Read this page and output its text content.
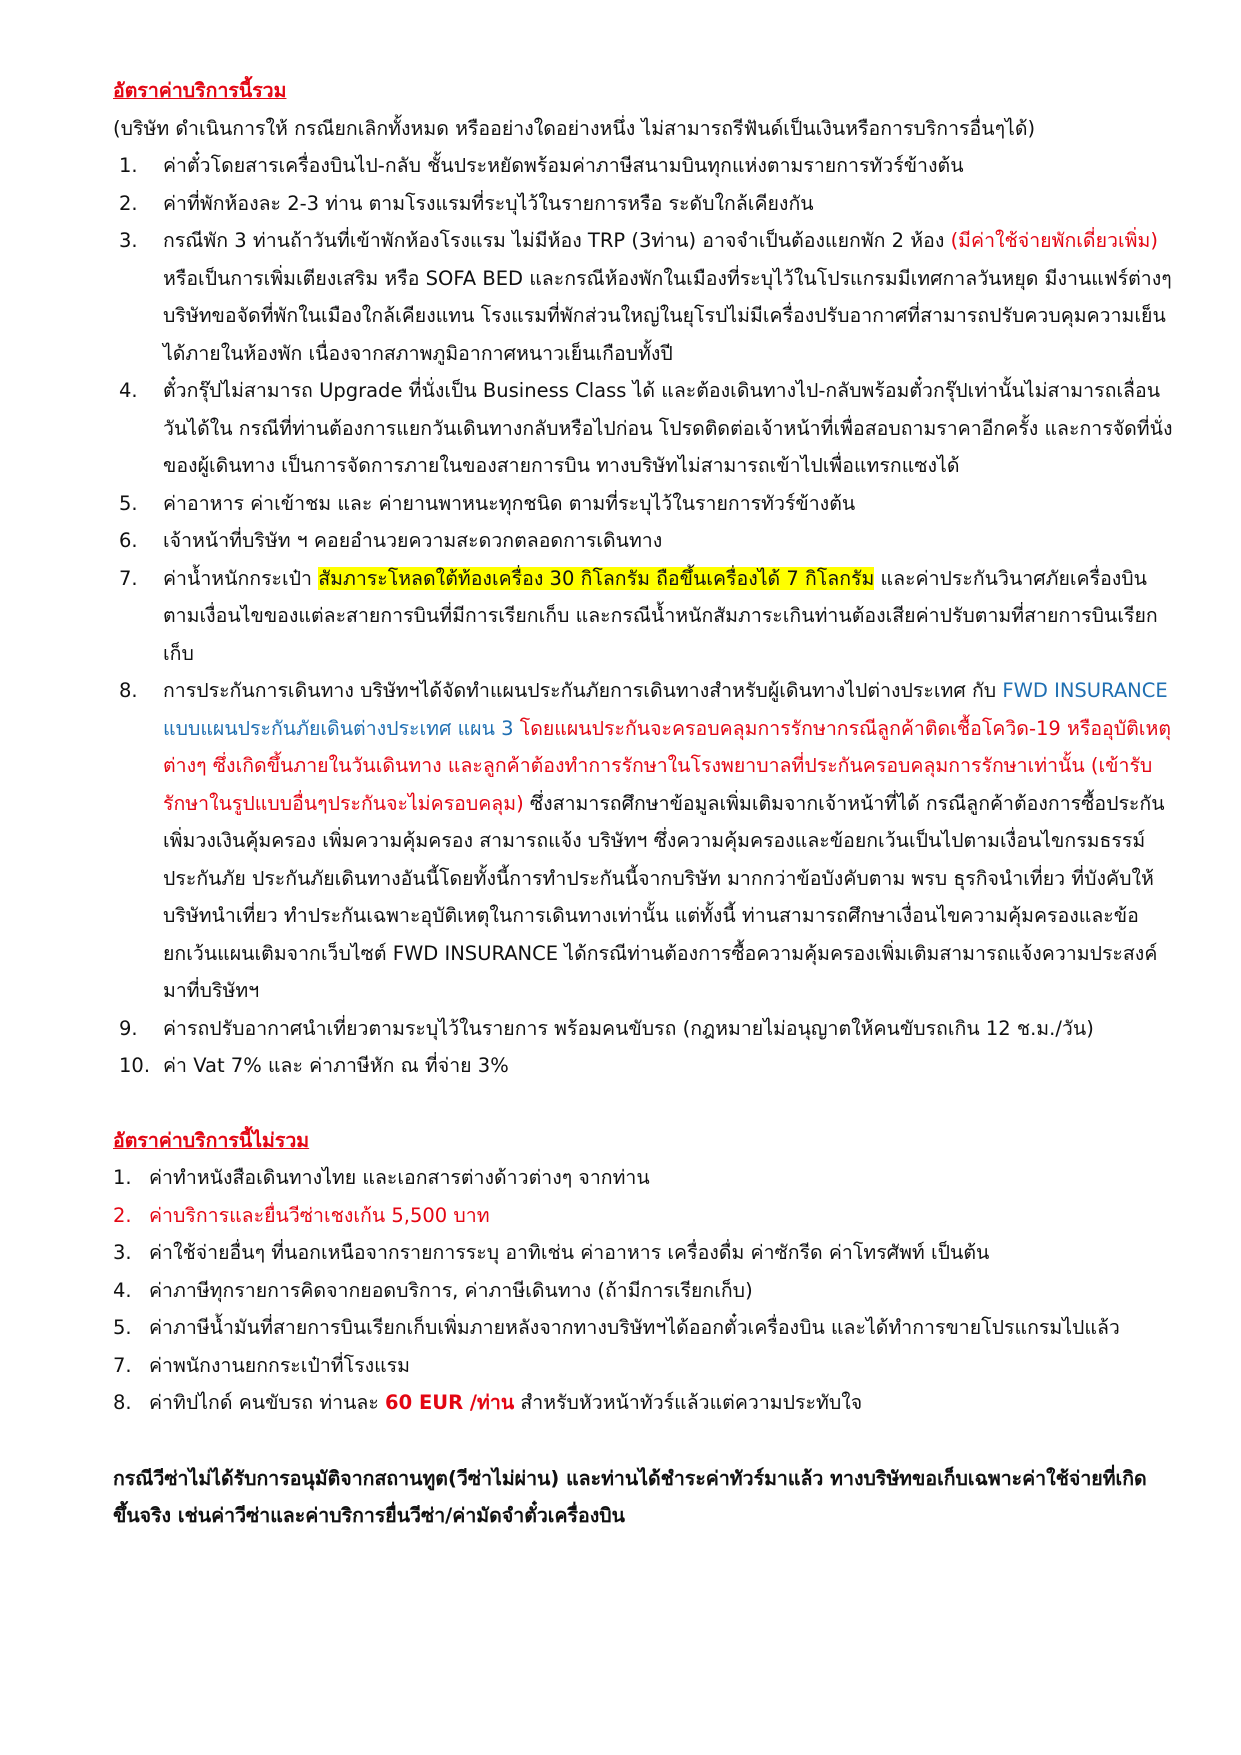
อัตราค่าบริการนี้รวม

(บริษัท ดำเนินการให้ กรณียกเลิกทั้งหมด หรืออย่างใดอย่างหนึ่ง ไม่สามารถรีฟันด์เป็นเงินหรือการบริการอื่นๆได้)

1. ค่าตั๋วโดยสารเครื่องบินไป-กลับ ชั้นประหยัดพร้อมค่าภาษีสนามบินทุกแห่งตามรายการทัวร์ข้างต้น
2. ค่าที่พักห้องละ 2-3 ท่าน ตามโรงแรมที่ระบุไว้ในรายการหรือ ระดับใกล้เคียงกัน
3. กรณีพัก 3 ท่านถ้าวันที่เข้าพักห้องโรงแรม ไม่มีห้อง TRP (3ท่าน) อาจจำเป็นต้องแยกพัก 2 ห้อง (มีค่าใช้จ่ายพักเดี่ยวเพิ่ม) หรือเป็นการเพิ่มเตียงเสริม หรือ SOFA BED และกรณีห้องพักในเมืองที่ระบุไว้ในโปรแกรมมีเทศกาลวันหยุด มีงานแฟร์ต่างๆ บริษัทขอจัดที่พักในเมืองใกล้เคียงแทน โรงแรมที่พักส่วนใหญ่ในยุโรปไม่มีเครื่องปรับอากาศที่สามารถปรับควบคุมความเย็นได้ภายในห้องพัก เนื่องจากสภาพภูมิอากาศหนาวเย็นเกือบทั้งปี
4. ตั๋วกรุ๊ปไม่สามารถ Upgrade ที่นั่งเป็น Business Class ได้ และต้องเดินทางไป-กลับพร้อมตั๋วกรุ๊ปเท่านั้นไม่สามารถเลื่อนวันได้ใน กรณีที่ท่านต้องการแยกวันเดินทางกลับหรือไปก่อน โปรดติดต่อเจ้าหน้าที่เพื่อสอบถามราคาอีกครั้ง และการจัดที่นั่งของผู้เดินทาง เป็นการจัดการภายในของสายการบิน ทางบริษัทไม่สามารถเข้าไปเพื่อแทรกแซงได้
5. ค่าอาหาร ค่าเข้าชม และ ค่ายานพาหนะทุกชนิด ตามที่ระบุไว้ในรายการทัวร์ข้างต้น
6. เจ้าหน้าที่บริษัท ฯ คอยอำนวยความสะดวกตลอดการเดินทาง
7. ค่าน้ำหนักกระเป๋า สัมภาระโหลดใต้ท้องเครื่อง 30 กิโลกรัม ถือขึ้นเครื่องได้ 7 กิโลกรัม และค่าประกันวินาศภัยเครื่องบินตามเงื่อนไขของแต่ละสายการบินที่มีการเรียกเก็บ และกรณีน้ำหนักสัมภาระเกินท่านต้องเสียค่าปรับตามที่สายการบินเรียกเก็บ
8. การประกันการเดินทาง บริษัทฯได้จัดทำแผนประกันภัยการเดินทางสำหรับผู้เดินทางไปต่างประเทศ กับ FWD INSURANCE แบบแผนประกันภัยเดินต่างประเทศ แผน 3 โดยแผนประกันจะครอบคลุมการรักษากรณีลูกค้าติดเชื้อโควิด-19 หรืออุบัติเหตุต่างๆ ซึ่งเกิดขึ้นภายในวันเดินทาง และลูกค้าต้องทำการรักษาในโรงพยาบาลที่ประกันครอบคลุมการรักษาเท่านั้น (เข้ารับรักษาในรูปแบบอื่นๆประกันจะไม่ครอบคลุม) ซึ่งสามารถศึกษาข้อมูลเพิ่มเติมจากเจ้าหน้าที่ได้ กรณีลูกค้าต้องการซื้อประกันเพิ่มวงเงินคุ้มครอง เพิ่มความคุ้มครอง สามารถแจ้ง บริษัทฯ ซึ่งความคุ้มครองและข้อยกเว้นเป็นไปตามเงื่อนไขกรมธรรม์ประกันภัย ประกันภัยเดินทางอันนี้โดยทั้งนี้การทำประกันนี้จากบริษัท มากกว่าข้อบังคับตาม พรบ ธุรกิจนำเที่ยว ที่บังคับให้บริษัทนำเที่ยว ทำประกันเฉพาะอุบัติเหตุในการเดินทางเท่านั้น แต่ทั้งนี้ ท่านสามารถศึกษาเงื่อนไขความคุ้มครองและข้อยกเว้นแผนเติมจากเว็บไซต์ FWD INSURANCE ได้กรณีท่านต้องการซื้อความคุ้มครองเพิ่มเติมสามารถแจ้งความประสงค์มาที่บริษัทฯ
9. ค่ารถปรับอากาศนำเที่ยวตามระบุไว้ในรายการ พร้อมคนขับรถ (กฎหมายไม่อนุญาตให้คนขับรถเกิน 12 ช.ม./วัน)
10. ค่า Vat 7% และ ค่าภาษีหัก ณ ที่จ่าย 3%

อัตราค่าบริการนี้ไม่รวม

1. ค่าทำหนังสือเดินทางไทย และเอกสารต่างด้าวต่างๆ จากท่าน
2. ค่าบริการและยื่นวีซ่าเชงเก้น 5,500 บาท
3. ค่าใช้จ่ายอื่นๆ ที่นอกเหนือจากรายการระบุ อาทิเช่น ค่าอาหาร เครื่องดื่ม ค่าซักรีด ค่าโทรศัพท์ เป็นต้น
4. ค่าภาษีทุกรายการคิดจากยอดบริการ, ค่าภาษีเดินทาง (ถ้ามีการเรียกเก็บ)
5. ค่าภาษีน้ำมันที่สายการบินเรียกเก็บเพิ่มภายหลังจากทางบริษัทฯได้ออกตั๋วเครื่องบิน และได้ทำการขายโปรแกรมไปแล้ว
7. ค่าพนักงานยกกระเป๋าที่โรงแรม
8. ค่าทิปไกด์ คนขับรถ ท่านละ 60 EUR /ท่าน สำหรับหัวหน้าทัวร์แล้วแต่ความประทับใจ

กรณีวีซ่าไม่ได้รับการอนุมัติจากสถานทูต(วีซ่าไม่ผ่าน) และท่านได้ชำระค่าทัวร์มาแล้ว ทางบริษัทขอเก็บเฉพาะค่าใช้จ่ายที่เกิดขึ้นจริง เช่นค่าวีซ่าและค่าบริการยื่นวีซ่า/ค่ามัดจำตั๋วเครื่องบิน
